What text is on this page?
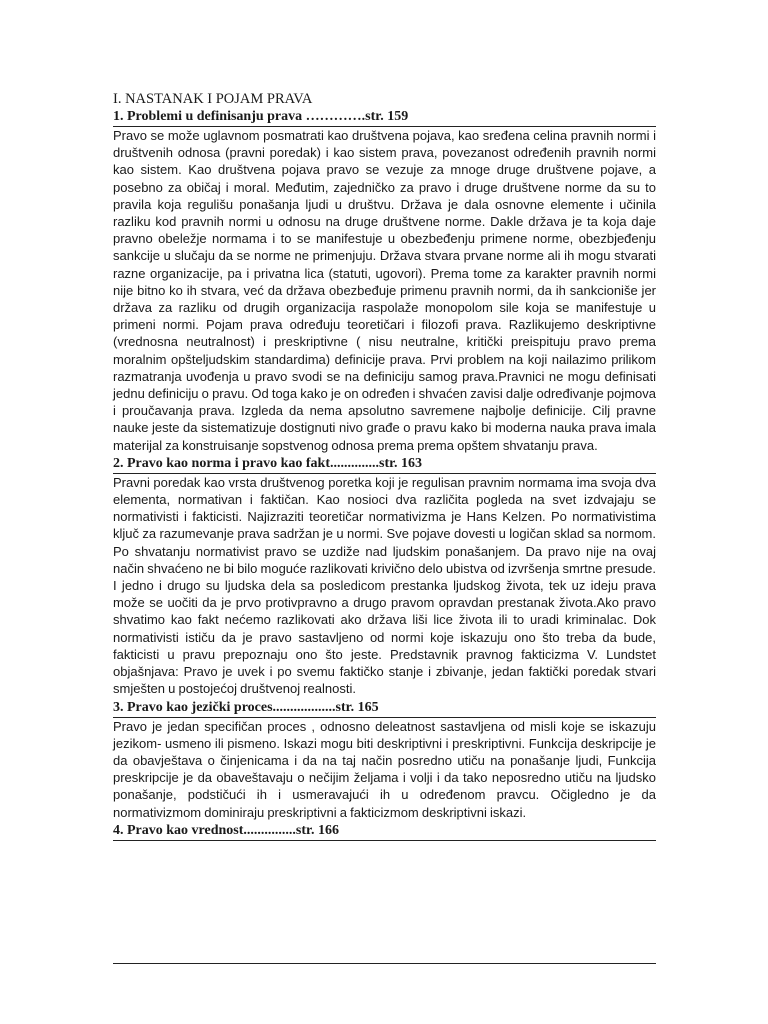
I. NASTANAK I POJAM PRAVA

1. Problemi u definisanju prava ………….str. 159

Pravo se može uglavnom posmatrati kao društvena pojava, kao sređena celina pravnih normi i društvenih odnosa (pravni poredak) i kao sistem prava, povezanost određenih pravnih normi kao sistem. Kao društvena pojava pravo se vezuje za mnoge druge društvene pojave, a posebno za običaj i moral. Međutim, zajedničko za pravo i druge društvene norme da su to pravila koja regulišu ponašanja ljudi u društvu. Država je dala osnovne elemente i učinila razliku kod pravnih normi u odnosu na druge društvene norme. Dakle država je ta koja daje pravno obeležje normama i to se manifestuje u obezbeđenju primene norme, obezbjeđenju sankcije u slučaju da se norme ne primenjuju. Država stvara prvane norme ali ih mogu stvarati razne organizacije, pa i privatna lica (statuti, ugovori). Prema tome za karakter pravnih normi nije bitno ko ih stvara, već da država obezbeđuje primenu pravnih normi, da ih sankcioniše jer država za razliku od drugih organizacija raspolaže monopolom sile koja se manifestuje u primeni normi. Pojam prava određuju teoretičari i filozofi prava. Razlikujemo deskriptivne (vrednosna neutralnost) i preskriptivne ( nisu neutralne, kritički preispituju pravo prema moralnim opšteljudskim standardima) definicije prava. Prvi problem na koji nailazimo prilikom razmatranja uvođenja u pravo svodi se na definiciju samog prava.Pravnici ne mogu definisati jednu definiciju o pravu. Od toga kako je on određen i shvaćen zavisi dalje određivanje pojmova i proučavanja prava. Izgleda da nema apsolutno savremene najbolje definicije. Cilj pravne nauke jeste da sistematizuje dostignuti nivo građe o pravu kako bi moderna nauka prava imala materijal za konstruisanje sopstvenog odnosa prema prema opštem shvatanju prava.

2. Pravo kao norma i pravo kao fakt..............str. 163

Pravni poredak kao vrsta društvenog poretka koji je regulisan pravnim normama ima svoja dva elementa, normativan i faktičan. Kao nosioci dva različita pogleda na svet izdvajaju se normativisti i fakticisti. Najizraziti teoretičar normativizma je Hans Kelzen. Po normativistima ključ za razumevanje prava sadržan je u normi. Sve pojave dovesti u logičan sklad sa normom. Po shvatanju normativist pravo se uzdiže nad ljudskim ponašanjem. Da pravo nije na ovaj način shvaćeno ne bi bilo moguće razlikovati krivično delo ubistva od izvršenja smrtne presude. I jedno i drugo su ljudska dela sa posledicom prestanka ljudskog života, tek uz ideju prava može se uočiti da je prvo protivpravno a drugo pravom opravdan prestanak života.Ako pravo shvatimo kao fakt nećemo razlikovati ako država liši lice života ili to uradi kriminalac. Dok normativisti ističu da je pravo sastavljeno od normi koje iskazuju ono što treba da bude, fakticisti u pravu prepoznaju ono što jeste. Predstavnik pravnog fakticizma V. Lundstet objašnjava: Pravo je uvek i po svemu faktičko stanje i zbivanje, jedan faktički poredak stvari smješten u postojećoj društvenoj realnosti.

3. Pravo kao jezički proces..................str. 165

Pravo je jedan specifičan proces , odnosno deleatnost sastavljena od misli koje se iskazuju jezikom- usmeno ili pismeno. Iskazi mogu biti deskriptivni i preskriptivni. Funkcija deskripcije je da obavještava o činjenicama i da na taj način posredno utiču na ponašanje ljudi, Funkcija preskripcije je da obaveštavaju o nečijim željama i volji i da tako neposredno utiču na ljudsko ponašanje, podstičući ih i usmeravajući ih u određenom pravcu. Očigledno je da normativizmom dominiraju preskriptivni a fakticizmom deskriptivni iskazi.

4. Pravo kao vrednost...............str. 166
